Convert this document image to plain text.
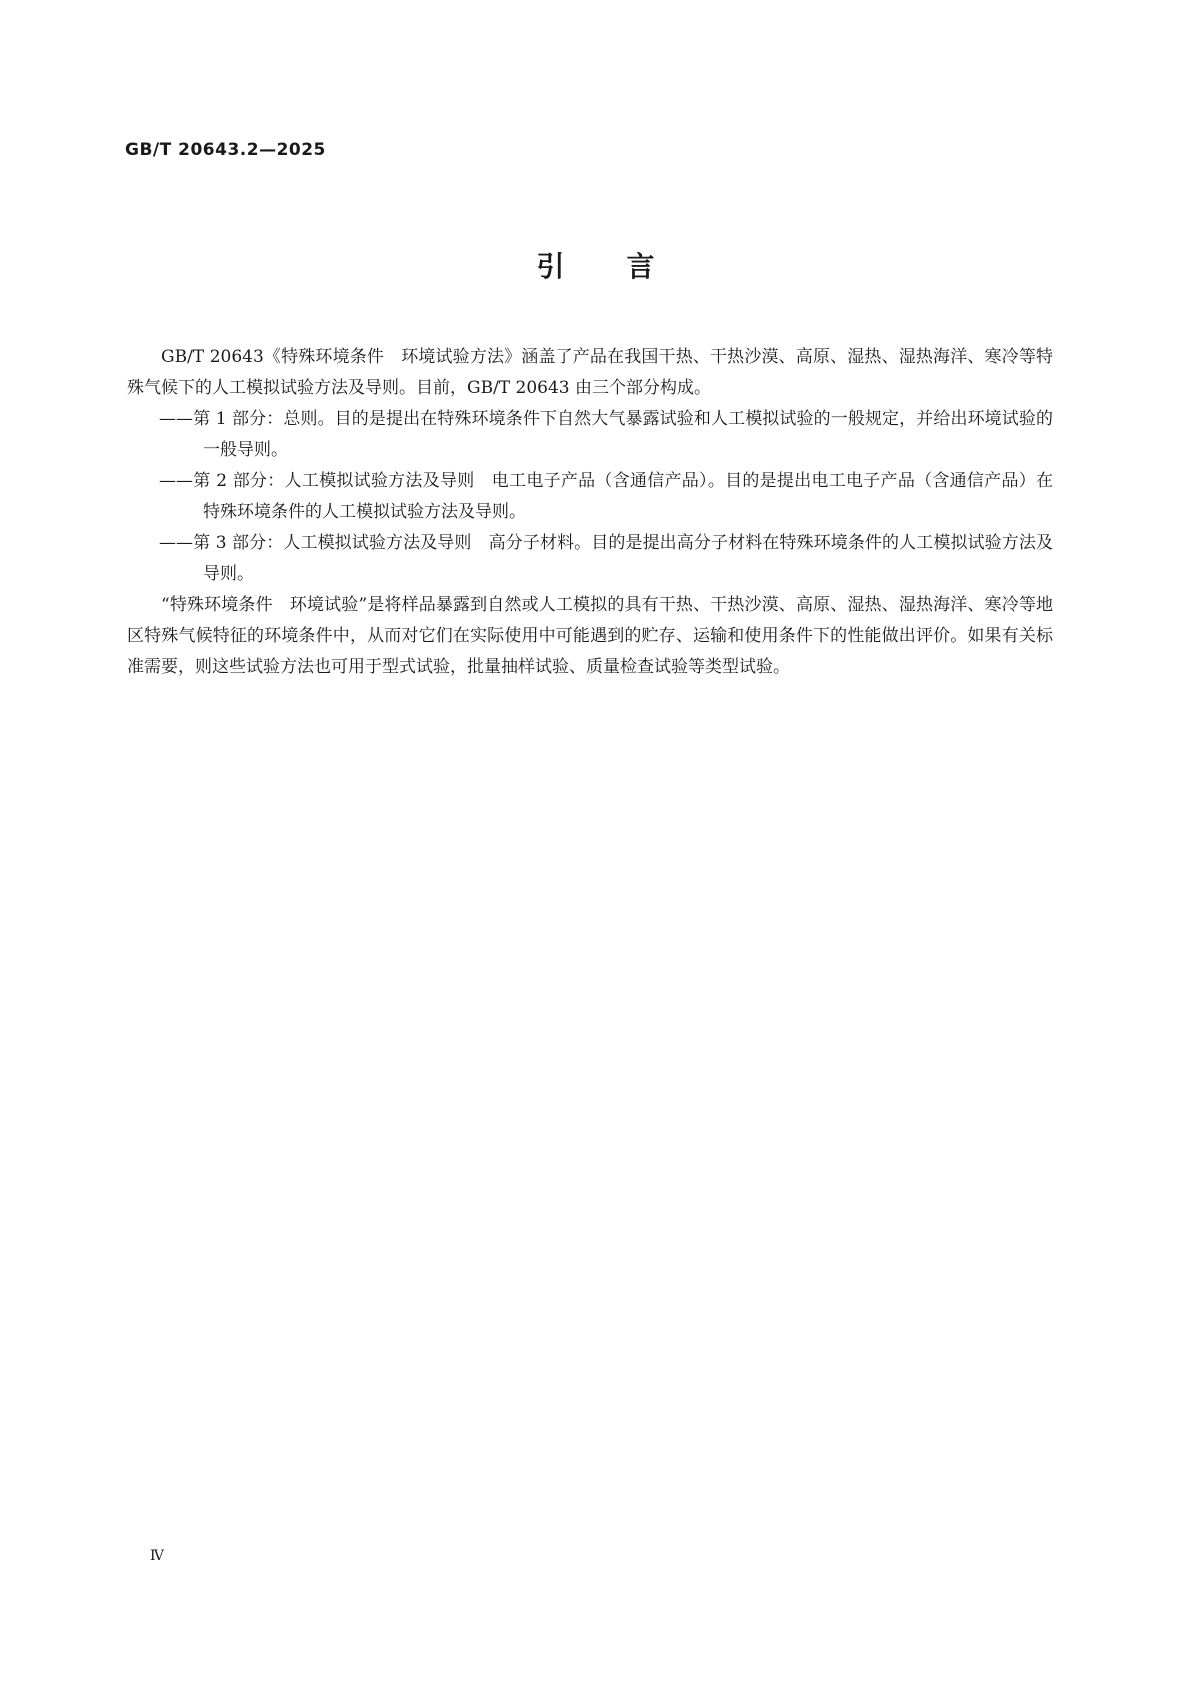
GB/T 20643.2—2025

引 言

GB/T 20643《特殊环境条件　环境试验方法》涵盖了产品在我国干热、干热沙漠、高原、湿热、湿热海洋、寒冷等特殊气候下的人工模拟试验方法及导则。目前，GB/T 20643 由三个部分构成。

——第 1 部分：总则。目的是提出在特殊环境条件下自然大气暴露试验和人工模拟试验的一般规定，并给出环境试验的一般导则。
——第 2 部分：人工模拟试验方法及导则　电工电子产品（含通信产品）。目的是提出电工电子产品（含通信产品）在特殊环境条件的人工模拟试验方法及导则。
——第 3 部分：人工模拟试验方法及导则　高分子材料。目的是提出高分子材料在特殊环境条件的人工模拟试验方法及导则。

“特殊环境条件　环境试验”是将样品暴露到自然或人工模拟的具有干热、干热沙漠、高原、湿热、湿热海洋、寒冷等地区特殊气候特征的环境条件中，从而对它们在实际使用中可能遇到的贮存、运输和使用条件下的性能做出评价。如果有关标准需要，则这些试验方法也可用于型式试验，批量抽样试验、质量检查试验等类型试验。

Ⅳ
